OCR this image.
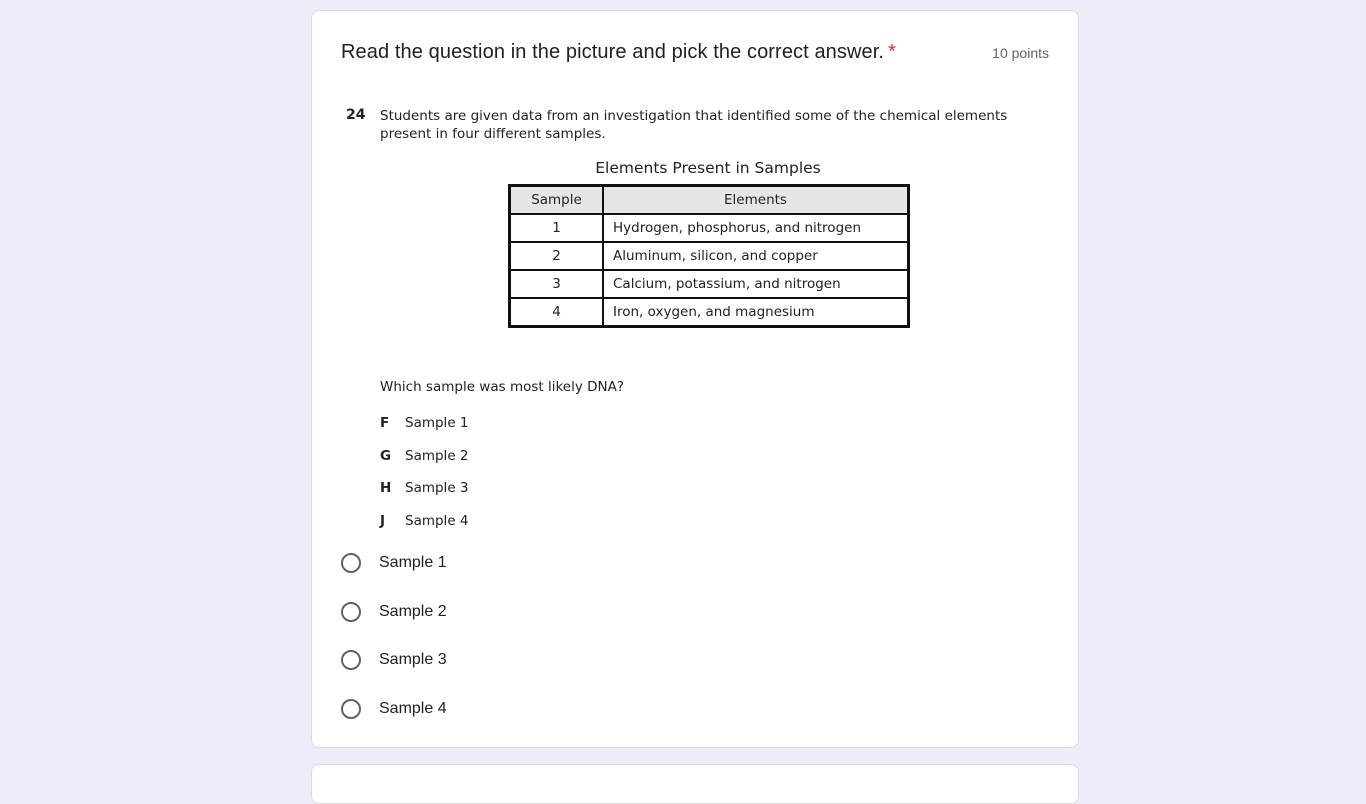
Read the question in the picture and pick the correct answer. *	10 points
24 Students are given data from an investigation that identified some of the chemical elements present in four different samples.
Elements Present in Samples
Sample	Elements
1	Hydrogen, phosphorus, and nitrogen
2	Aluminum, silicon, and copper
3	Calcium, potassium, and nitrogen
4	Iron, oxygen, and magnesium
Which sample was most likely DNA?
F	Sample 1
G	Sample 2
H	Sample 3
J	Sample 4
Sample 1
Sample 2
Sample 3
Sample 4
